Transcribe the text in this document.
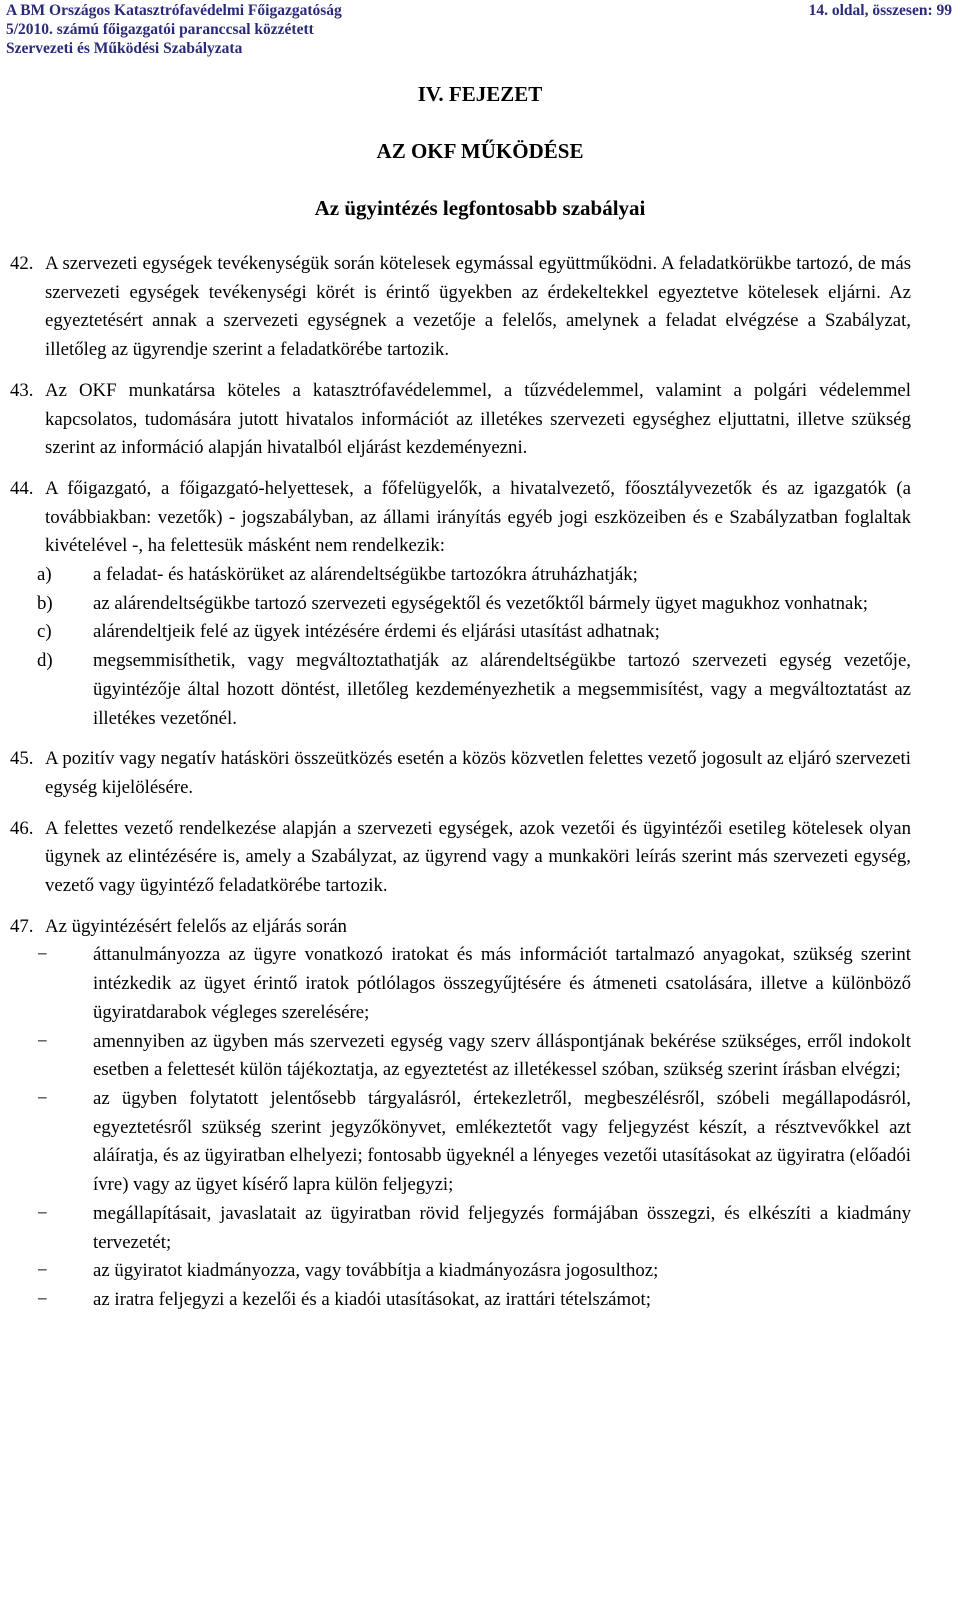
A BM Országos Katasztrófavédelmi Főigazgatóság
5/2010. számú főigazgatói paranccsal közzétett
Szervezeti és Működési Szabályzata
14. oldal, összesen: 99
IV. FEJEZET
AZ OKF MŰKÖDÉSE
Az ügyintézés legfontosabb szabályai
42. A szervezeti egységek tevékenységük során kötelesek egymással együttműködni. A feladatkörükbe tartozó, de más szervezeti egységek tevékenységi körét is érintő ügyekben az érdekeltekkel egyeztetve kötelesek eljárni. Az egyeztetésért annak a szervezeti egységnek a vezetője a felelős, amelynek a feladat elvégzése a Szabályzat, illetőleg az ügyrendje szerint a feladatkörébe tartozik.
43. Az OKF munkatársa köteles a katasztrófavédelemmel, a tűzvédelemmel, valamint a polgári védelemmel kapcsolatos, tudomására jutott hivatalos információt az illetékes szervezeti egységhez eljuttatni, illetve szükség szerint az információ alapján hivatalból eljárást kezdeményezni.
44. A főigazgató, a főigazgató-helyettesek, a főfelügyelők, a hivatalvezető, főosztályvezetők és az igazgatók (a továbbiakban: vezetők) - jogszabályban, az állami irányítás egyéb jogi eszközeiben és e Szabályzatban foglaltak kivételével -, ha felettesük másként nem rendelkezik:
a) a feladat- és hatáskörüket az alárendeltségükbe tartozókra átruházhatják;
b) az alárendeltségükbe tartozó szervezeti egységektől és vezetőktől bármely ügyet magukhoz vonhatnak;
c) alárendeltjeik felé az ügyek intézésére érdemi és eljárási utasítást adhatnak;
d) megsemmisíthetik, vagy megváltoztathatják az alárendeltségükbe tartozó szervezeti egység vezetője, ügyintézője által hozott döntést, illetőleg kezdeményezhetik a megsemmisítést, vagy a megváltoztatást az illetékes vezetőnél.
45. A pozitív vagy negatív hatásköri összeütközés esetén a közös közvetlen felettes vezető jogosult az eljáró szervezeti egység kijelölésére.
46. A felettes vezető rendelkezése alapján a szervezeti egységek, azok vezetői és ügyintézői esetileg kötelesek olyan ügynek az elintézésére is, amely a Szabályzat, az ügyrend vagy a munkaköri leírás szerint más szervezeti egység, vezető vagy ügyintéző feladatkörébe tartozik.
47. Az ügyintézésért felelős az eljárás során
− áttanulmányozza az ügyre vonatkozó iratokat és más információt tartalmazó anyagokat, szükség szerint intézkedik az ügyet érintő iratok pótlólagos összegyűjtésére és átmeneti csatolására, illetve a különböző ügyiratdarabok végleges szerelésére;
− amennyiben az ügyben más szervezeti egység vagy szerv álláspontjának bekérése szükséges, erről indokolt esetben a felettesét külön tájékoztatja, az egyeztetést az illetékessel szóban, szükség szerint írásban elvégzi;
− az ügyben folytatott jelentősebb tárgyalásról, értekezletről, megbeszélésről, szóbeli megállapodásról, egyeztetésről szükség szerint jegyzőkönyvet, emlékeztetőt vagy feljegyzést készít, a résztvevőkkel azt aláíratja, és az ügyiratban elhelyezi; fontosabb ügyeknél a lényeges vezetői utasításokat az ügyiratra (előadói ívre) vagy az ügyet kísérő lapra külön feljegyzi;
− megállapításait, javaslatait az ügyiratban rövid feljegyzés formájában összegzi, és elkészíti a kiadmány tervezetét;
− az ügyiratot kiadmányozza, vagy továbbítja a kiadmányozásra jogosulthoz;
− az iratra feljegyzi a kezelői és a kiadói utasításokat, az irattári tételszámot;
